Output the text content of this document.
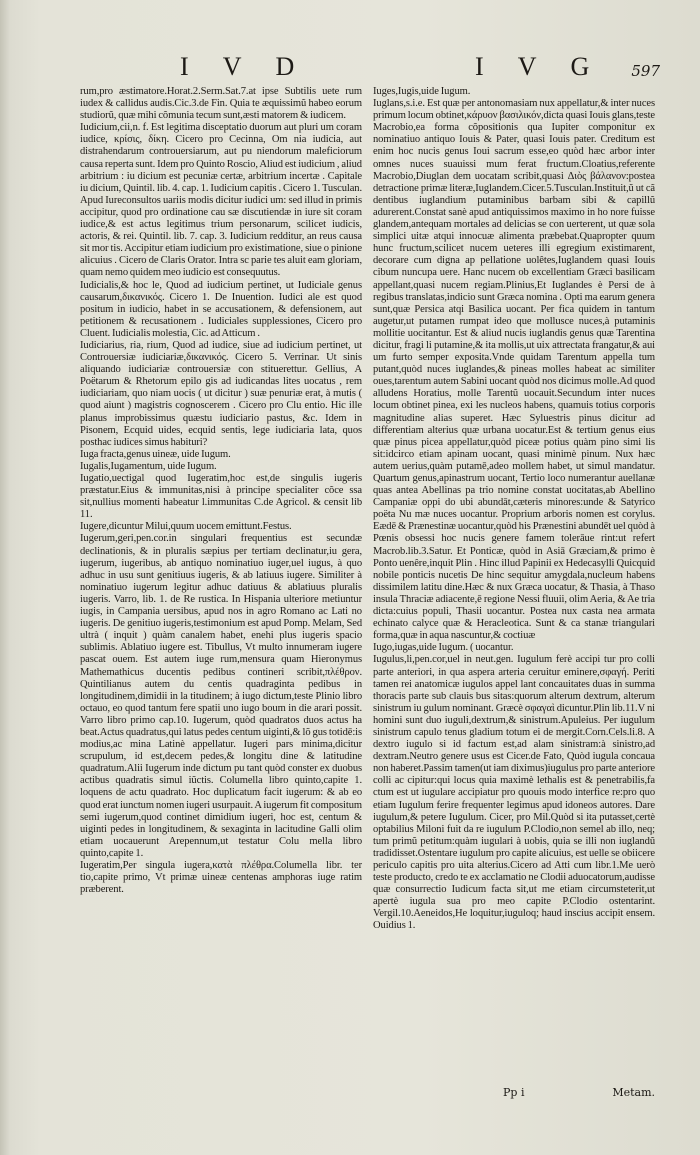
I V D	I V G 597

rum,pro æstimatore.Horat.2.Serm.Sat.7.at ipse Subtilis uete rum iudex & callidus audis.Cic.3.de Fin. Quia te æquissimũ habeo eorum studiorũ, quæ mihi cõmunia tecum sunt,æsti matorem & iudicem.

Iudicium,cii,n. f. Est legitima disceptatio duorum aut pluri um coram iudice, κρίσις, δίκη. Cicero pro Cecinna, Om nia iudicia, aut distrahendarum controuersiarum, aut pu niendorum maleficiorum causa reperta sunt. Idem pro Quinto Roscio, Aliud est iudicium , aliud arbitrium : iu dicium est pecuniæ certæ, arbitrium incertæ . Capitale iu dicium, Quintil. lib. 4. cap. 1. Iudicium capitis . Cicero 1. Tusculan. Apud Iureconsultos uariis modis dicitur iudici um: sed illud in primis accipitur, quod pro ordinatione cau sæ discutiendæ in iure sit coram iudice,& est actus legitimus trium personarum, scilicet iudicis, actoris, & rei. Quintil. lib. 7. cap. 3. Iudicium redditur, an reus causa sit mor tis. Accipitur etiam iudicium pro existimatione, siue o pinione alicuius . Cicero de Claris Orator. Intra sc parie tes aluit eam gloriam, quam nemo quidem meo iudicio est consequutus.

Iudicialis,& hoc le, Quod ad iudicium pertinet, ut Iudiciale genus causarum,δικανικός. Cicero 1. De Inuention. Iudici ale est quod positum in iudicio, habet in se accusationem, & defensionem, aut petitionem & recusationem . Iudiciales supplessiones, Cicero pro Cluent. Iudicialis molestia, Cic. ad Atticum .

Iudiciarius, ria, rium, Quod ad iudice, siue ad iudicium pertinet, ut Controuersiæ iudiciariæ,δικανικός. Cicero 5. Verrinar. Ut sinis aliquando iudiciariæ controuersiæ con stituerettur. Gellius, A Poëtarum & Rhetorum epilo gis ad iudicandas lites uocatus , rem iudiciariam, quo niam uocis ( ut dicitur ) suæ penuriæ erat, à mutis ( quod aiunt ) magistris cognoscerem . Cicero pro Clu entio. Hic ille planus improbissimus quæstu iudiciario pastus, &c. Idem in Pisonem, Ecquid uides, ecquid sentis, lege iudiciaria lata, quos posthac iudices simus habituri?

Iuga fracta,genus uineæ, uide Iugum.

Iugalis,Iugamentum, uide Iugum.

Iugatio,uectigal quod Iugeratim,hoc est,de singulis iugeris præstatur.Eius & immunitas,nisi à principe specialiter cõce ssa sit,nullius momenti habeatur l.immunitas C.de Agricol. & censit lib 11.

Iugere,dicuntur Milui,quum uocem emittunt.Festus.

Iugerum,geri,pen.cor.in singulari frequentius est secundæ declinationis, & in pluralis sæpius per tertiam declinatur,iu gera, iugerum, iugeribus, ab antiquo nominatiuo iuger,uel iugus, à quo adhuc in usu sunt genitiuus iugeris, & ab latiuus iugere. Similiter à nominatiuo iugerum legitur adhuc datiuus & ablatiuus pluralis iugeris. Varro, lib. 1. de Re rustica. In Hispania ulteriore metiuntur iugis, in Campania uersibus, apud nos in agro Romano ac Lati no iugeris. De genitiuo iugeris,testimonium est apud Pomp. Melam, Sed ultrà ( inquit ) quàm canalem habet, enehi plus iugeris spacio sublimis. Ablatiuo iugere est. Tibullus, Vt multo innumeram iugere pascat ouem. Est autem iuge rum,mensura quam Hieronymus Mathemathicus ducentis pedibus contineri scribit,πλέθρον. Quintilianus autem du centis quadraginta pedibus in longitudinem,dimidii in la titudinem; à iugo dictum,teste Plinio libro octauo, eo quod tantum fere spatii uno iugo boum in die arari possit. Varro libro primo cap.10. Iugerum, quòd quadratos duos actus ha beat.Actus quadratus,qui latus pedes centum uiginti,& lõ gus totidē:is modius,ac mina Latinè appellatur. Iugeri pars minima,dicitur scrupulum, id est,decem pedes,& longitu dine & latitudine quadratum.Alii Iugerum inde dictum pu tant quòd conster ex duobus actibus quadratis simul iũctis. Columella libro quinto,capite 1. loquens de actu quadrato. Hoc duplicatum facit iugerum: & ab eo quod erat iunctum nomen iugeri usurpauit. A iugerum fit compositum semi iugerum,quod continet dimidium iugeri, hoc est, centum & uiginti pedes in longitudinem, & sexaginta in lacitudine Galli olim etiam uocauerunt Arepennum,ut testatur Colu mella libro quinto,capite 1.

Iugeratim,Per singula iugera,κατὰ πλέθρα.Columella libr. ter tio,capite primo, Vt primæ uineæ centenas amphoras iuge ratim præberent.

Iuges,Iugis,uide Iugum.

Iuglans,s.i.e. Est quæ per antonomasiam nux appellatur,& inter nuces primum locum obtinet,κάρυον βασιλικόν,dicta quasi Iouis glans,teste Macrobio,ea forma cõpositionis qua Iupiter componitur ex nominatiuo antiquo Iouis & Pater, quasi Iouis pater. Creditum est enim hoc nucis genus Ioui sacrum esse,eo quòd hæc arbor inter omnes nuces suauissi mum ferat fructum.Cloatius,referente Macrobio,Diuglan dem uocatam scribit,quasi Διὸς βάλανον:postea detractione primæ literæ,Iuglandem.Cicer.5.Tusculan.Instituit,ŭ ut cã dentibus iuglandium putaminibus barbam sibi & capillũ adurerent.Constat sanè apud antiquissimos maximo in ho nore fuisse glandem,antequam mortales ad delicias se con uerterent, ut quæ sola simplici uitæ atqui innocuæ alimenta præbebat.Quapropter quum hunc fructum,scilicet nucem ueteres illi egregium existimarent, decorare cum digna ap pellatione uolêtes,Iuglandem quasi Iouis cibum nuncupa uere. Hanc nucem ob excellentiam Græci basilicam appellant,quasi nucem regiam.Plinius,Et Iuglandes è Persi de à regibus translatas,indicio sunt Græca nomina . Opti ma earum genera sunt,quæ Persica atqi Basilica uocant. Per fica quidem in tantum augetur,ut putamen rumpat ideo que mollusce nuces,à putaminis mollitie uocitantur. Est & aliud nucis iuglandis genus quæ Tarentina dicitur, fragi li putamine,& ita mollis,ut uix attrectata frangatur,& aui um furto semper exposita.Vnde quidam Tarentum appella tum putant,quòd nuces iuglandes,& pineas molles habeat ac similiter oues,tarentum autem Sabini uocant quòd nos dicimus molle.Ad quod alludens Horatius, molle Tarentũ uocauit.Secundum inter nuces locum obtinet pinea, exi les nucleos habens, quamuis totius corporis magnitudine alias superet. Hæc Syluestris pinus dicitur ad differentiam alterius quæ urbana uocatur.Est & tertium genus eius quæ pinus picea appellatur,quòd piceæ potius quàm pino simi lis sit:idcirco etiam apinam uocant, quasi minimè pinum. Nux hæc autem uerius,quàm putamē,adeo mollem habet, ut simul mandatur. Quartum genus,apinastrum uocant, Tertio loco numerantur auellanæ quas antea Abellinas pa trio nomine constat uocitatas,ab Abellino Campaniæ oppi do ubi abundāt,cæteris minores:unde & Satyrico poëta Nu mæ nuces uocantur. Proprium arboris nomen est corylus. Eædē & Prænestinæ uocantur,quòd his Prænestini abundēt uel quòd à Pœnis obsessi hoc nucis genere famem tolerāue rint:ut refert Macrob.lib.3.Satur. Et Ponticæ, quòd in Asiā Græciam,& primo è Ponto uenêre,inquit Plin . Hinc illud Papinii ex Hedecasylli Quicquid nobile ponticis nucetis De hinc sequitur amygdala,nucleum habens dissimilem latitu dine.Hæc & nux Græca uocatur, & Thasia, à Thaso insula Thraciæ adiacente,ē regione Nessi fluuii, olim Aeria, & Ae tria dicta:cuius populi, Thasii uocantur. Postea nux casta nea armata echinato calyce quæ & Heracleotica. Sunt & ca stanæ triangulari forma,quæ in aqua nascuntur,& coctiuæ

Iugo,iugas,uide Iugum. ( uocantur.

Iugulus,li,pen.cor,uel in neut.gen. Iugulum ferè accipi tur pro colli parte anteriori, in qua aspera arteria ceruitur eminere,σφαγή. Periti tamen rei anatomicæ iugulos appel lant concauitates duas in summa thoracis parte sub clauis bus sitas:quorum alterum dextrum, alterum sinistrum iu gulum nominant. Græcè σφαγαὶ dicuntur.Plin lib.11.V ni homini sunt duo iuguli,dextrum,& sinistrum.Apuleius. Per iugulum sinistrum capulo tenus gladium totum ei de mergit.Corn.Cels.li.8. A dextro iugulo si id factum est,ad alam sinistram:à sinistro,ad dextram.Neutro genere usus est Cicer.de Fato, Quòd iugula concaua non haberet.Passim tamen(ut iam diximus)iugulus pro parte anteriore colli ac cipitur:qui locus quia maximè lethalis est & penetrabilis,fa ctum est ut iugulare accipiatur pro quouis modo interfice re:pro quo etiam Iugulum ferire frequenter legimus apud idoneos autores. Dare iugulum,& petere Iugulum. Cicer, pro Mil.Quòd si ita putasset,certè optabilius Miloni fuit da re iugulum P.Clodio,non semel ab illo, neq; tum primũ petitum:quàm iugulari à uobis, quia se illi non iuglandũ tradidisset.Ostentare iugulum pro capite alicuius, est uelle se obiicere periculo capitis pro uita alterius.Cicero ad Atti cum libr.1.Me uerò teste producto, credo te ex acclamatio ne Clodii aduocatorum,audisse quæ consurrectio Iudicum facta sit,ut me etiam circumsteterit,ut apertè iugula sua pro meo capite P.Clodio ostentarint. Vergil.10.Aeneidos,He loquitur,iuguloq; haud inscius accipit ensem. Ouidius 1.

Pp i	Metam.
